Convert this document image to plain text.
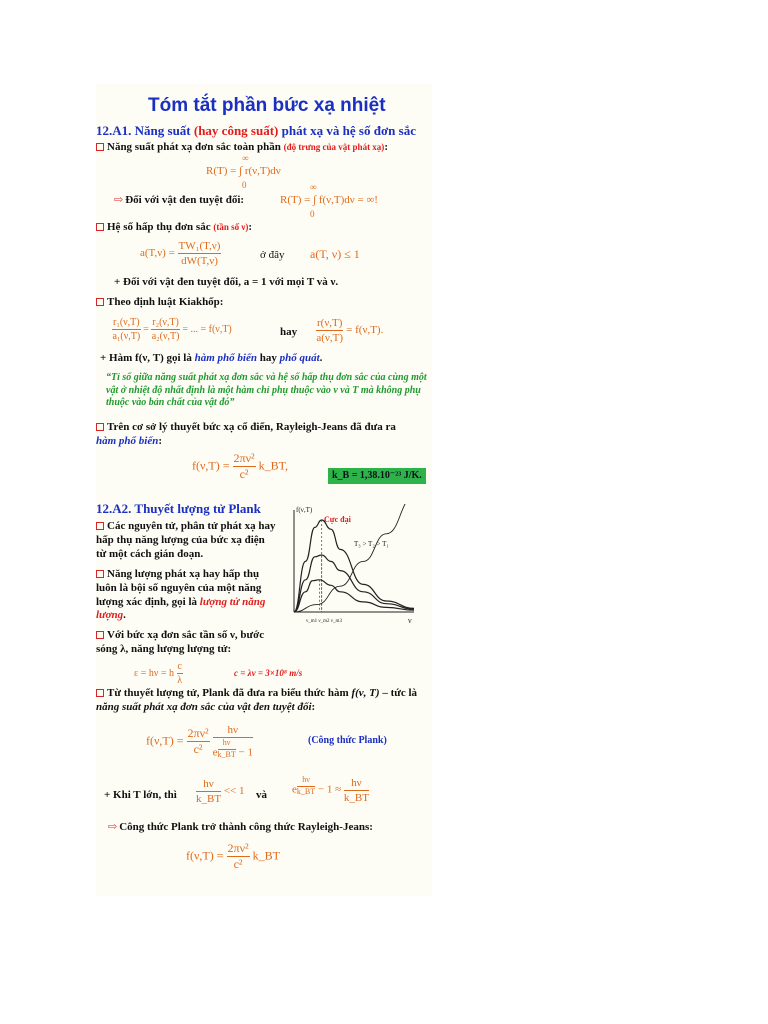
Tóm tắt phần bức xạ nhiệt
12.A1. Năng suất (hay công suất) phát xạ và hệ số đơn sắc
Năng suất phát xạ đơn sắc toàn phần (độ trưng của vật phát xạ):
R(T) = ∫ r(ν,T)dν
∞
0
⇨ Đối với vật đen tuyệt đối:	R(T) = ∫ f(ν,T)dν = ∞!
∞
0
Hệ số hấp thụ đơn sắc (tần số ν):
$a(T,\nu) = \frac{\text{TW₁(T,ν)}}{dW(T,\nu)}$	ở đây a(T, ν) ≤ 1
+ Đối với vật đen tuyệt đối, a = 1 với mọi T và ν.
Theo định luật Kiakhốp:
$\frac{\text{r₁(ν,T)}}{\text{a₁(ν,T)}} = \frac{\text{r₂(ν,T)}}{\text{a₂(ν,T)}}$ = ... = f(ν,T)	hay $\frac{r(\nu,T)}{a(\nu,T)} = f(\nu,T)$.
+ Hàm f(ν, T) gọi là hàm phổ biến hay phổ quát.
“Tỉ số giữa năng suất phát xạ đơn sắc và hệ số hấp thụ đơn sắc của cùng một vật ở nhiệt độ nhất định là một hàm chỉ phụ thuộc vào ν và T mà không phụ thuộc vào bản chất của vật đó”
Trên cơ sở lý thuyết bức xạ cổ điển, Rayleigh-Jeans đã đưa ra hàm phổ biến:
$f(\nu,T) = \frac{\text{2πν²}}{\text{c²}}$ k_BT,
k_B = 1,38.10⁻²³ J/K.
12.A2. Thuyết lượng tử Plank
Các nguyên tử, phân tử phát xạ hay hấp thụ năng lượng của bức xạ điện từ một cách gián đoạn.
Năng lượng phát xạ hay hấp thụ luôn là bội số nguyên của một năng lượng xác định, gọi là lượng tử năng lượng.
Với bức xạ đơn sắc tần số ν, bước sóng λ, năng lượng lượng tử:
ε = hν = h $\frac{c}{\lambda}$	c = λν = 3×10⁸ m/s
f(ν,T)
ν
Cực đại
T₃ > T₂ > T₁
ν_m1 ν_m2 ν_m3
Từ thuyết lượng tử, Plank đã đưa ra biểu thức hàm f(ν, T) – tức là năng suất phát xạ đơn sắc của vật đen tuyệt đối:
$f(\nu,T) = \frac{\text{2πν²}}{\text{c²}}$
hν
e $^{\frac{h\nu}{k\_BT}}$ − 1	(Công thức Plank)
+ Khi T lớn, thì $\frac{h\nu}{k\_BT} << 1$ và e $^{\frac{h\nu}{k\_BT}} - 1 \approx \frac{h\nu}{k\_BT}$
⇨ Công thức Plank trở thành công thức Rayleigh-Jeans:
$f(\nu,T) = \frac{\text{2πν²}}{\text{c²}}$ k_BT
